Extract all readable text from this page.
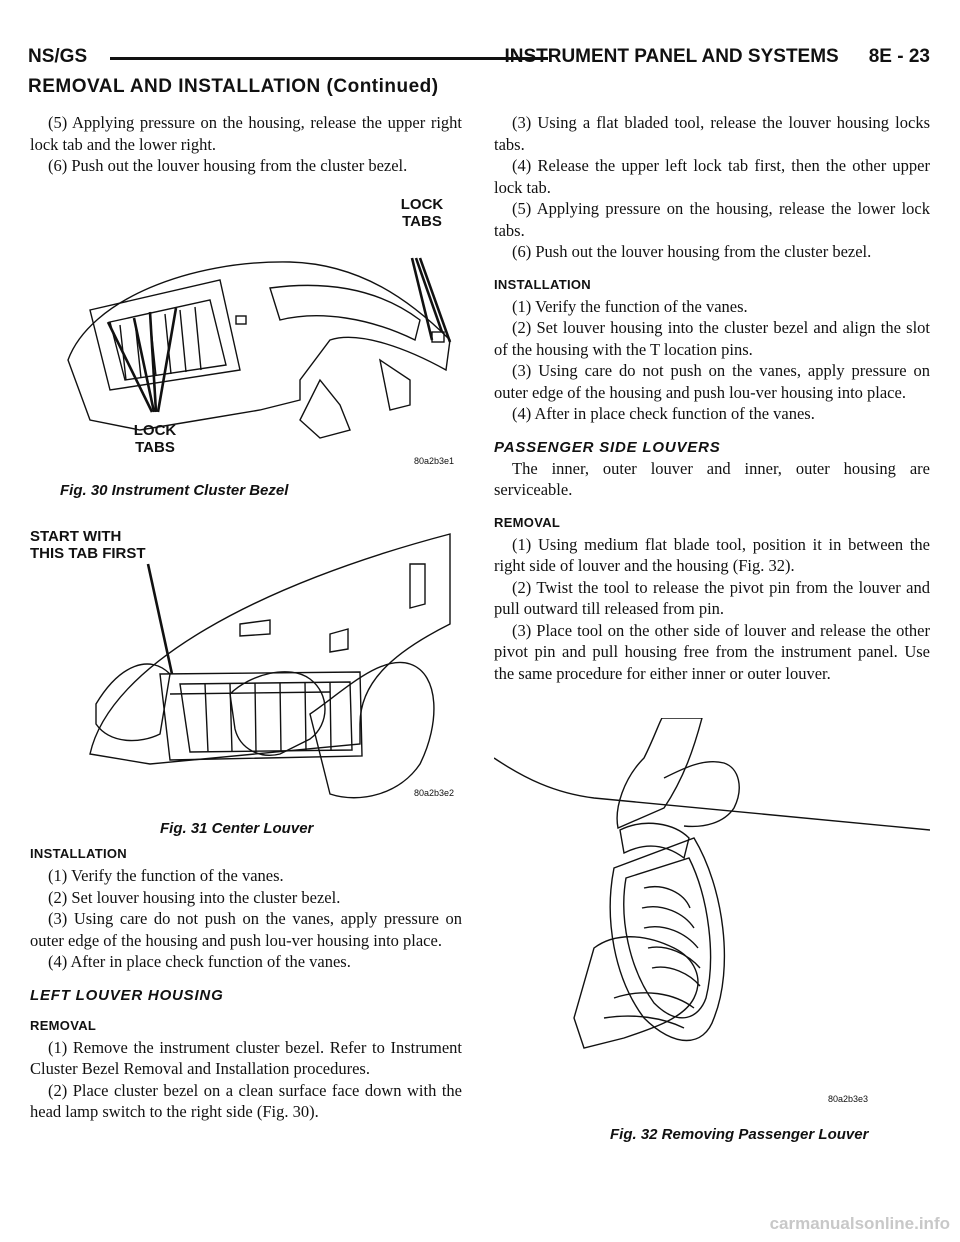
NS/GS	INSTRUMENT PANEL AND SYSTEMS 8E - 23
REMOVAL AND INSTALLATION (Continued)

(5) Applying pressure on the housing, release the upper right lock tab and the lower right.

(6) Push out the louver housing from the cluster bezel.

LOCK
TABS
LOCK
TABS
80a2b3e1
Fig. 30 Instrument Cluster Bezel
START WITH
THIS TAB FIRST
80a2b3e2
Fig. 31 Center Louver
INSTALLATION

(1) Verify the function of the vanes.

(2) Set louver housing into the cluster bezel.

(3) Using care do not push on the vanes, apply pressure on outer edge of the housing and push lou-ver housing into place.

(4) After in place check function of the vanes.

LEFT LOUVER HOUSING
REMOVAL

(1) Remove the instrument cluster bezel. Refer to Instrument Cluster Bezel Removal and Installation procedures.

(2) Place cluster bezel on a clean surface face down with the head lamp switch to the right side (Fig. 30).

(3) Using a flat bladed tool, release the louver housing locks tabs.

(4) Release the upper left lock tab first, then the other upper lock tab.

(5) Applying pressure on the housing, release the lower lock tabs.

(6) Push out the louver housing from the cluster bezel.

INSTALLATION

(1) Verify the function of the vanes.

(2) Set louver housing into the cluster bezel and align the slot of the housing with the T location pins.

(3) Using care do not push on the vanes, apply pressure on outer edge of the housing and push lou-ver housing into place.

(4) After in place check function of the vanes.

PASSENGER SIDE LOUVERS

The inner, outer louver and inner, outer housing are serviceable.

REMOVAL

(1) Using medium flat blade tool, position it in between the right side of louver and the housing (Fig. 32).

(2) Twist the tool to release the pivot pin from the louver and pull outward till released from pin.

(3) Place tool on the other side of louver and release the other pivot pin and pull housing free from the instrument panel. Use the same procedure for either inner or outer louver.

80a2b3e3
Fig. 32 Removing Passenger Louver
carmanualsonline.info
